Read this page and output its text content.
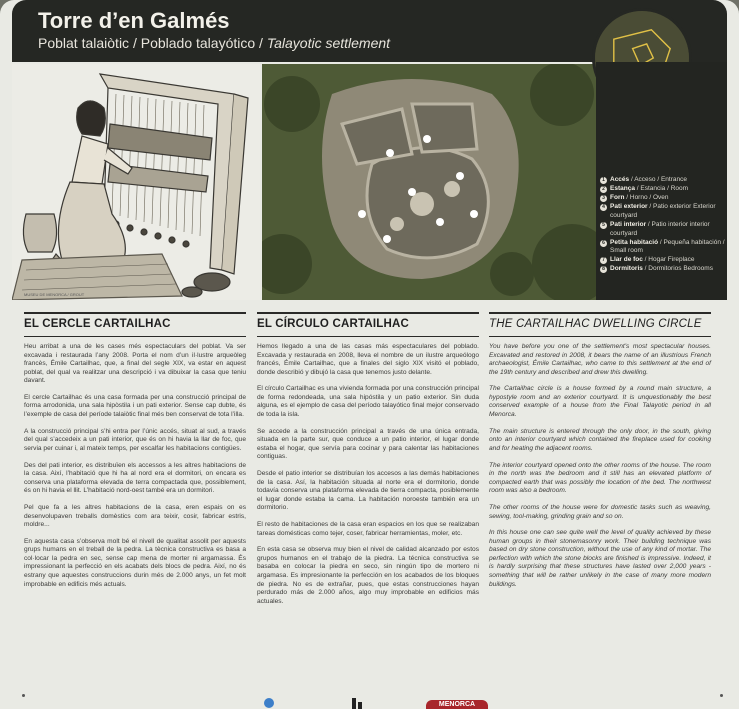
Torre d’en Galmés
Poblat talaiòtic / Poblado talayótico / Talayotic settlement
MUSEU DE MENORCA / GROUT
1 Accés / Acceso / Entrance
2 Estança / Estancia / Room
3 Forn / Horno / Oven
4 Pati exterior / Patio exterior Exterior courtyard
5 Pati interior / Patio interior interior courtyard
6 Petita habitació / Pequeña habitación / Small room
7 Llar de foc / Hogar Fireplace
8 Dormitoris / Dormitorios Bedrooms
EL CERCLE CARTAILHAC

Heu arribat a una de les cases més espectaculars del poblat. Va ser excavada i restaurada l’any 2008. Porta el nom d’un il·lustre arqueòleg francès, Émile Cartailhac, que, a final del segle XIX, va estar en aquest poblat, del qual va realitzar una descripció i va dibuixar la casa que teniu davant.

El cercle Cartailhac és una casa formada per una construcció principal de forma arrodonida, una sala hipòstila i un pati exterior. Sense cap dubte, és l’exemple de casa del període talaiòtic final més ben conservat de tota l’illa.

A la construcció principal s’hi entra per l’únic accés, situat al sud, a través del qual s’accedeix a un pati interior, que és on hi havia la llar de foc, que servia per cuinar i, al mateix temps, per escalfar les habitacions contigües.

Des del pati interior, es distribuïen els accessos a les altres habitacions de la casa. Així, l’habitació que hi ha al nord era el dormitori, on encara es conserva una plataforma elevada de terra compactada que, possiblement, és on hi havia el llit. L’habitació nord-oest també era un dormitori.

Pel que fa a les altres habitacions de la casa, eren espais on es desenvolupaven treballs domèstics com ara teixir, cosir, fabricar estris, moldre...

En aquesta casa s’observa molt bé el nivell de qualitat assolit per aquests grups humans en el treball de la pedra. La tècnica constructiva es basa a col·locar la pedra en sec, sense cap mena de morter ni argamassa. És impressionant la perfecció en els acabats dels blocs de pedra. Així, no és estrany que aquestes construccions durin més de 2.000 anys, un fet molt improbable en edificis més actuals.

EL CÍRCULO CARTAILHAC

Hemos llegado a una de las casas más espectaculares del poblado. Excavada y restaurada en 2008, lleva el nombre de un ilustre arqueólogo francés, Émile Cartailhac, que a finales del siglo XIX visitó el poblado, donde describió y dibujó la casa que tenemos justo delante.

El círculo Cartailhac es una vivienda formada por una construcción principal de forma redondeada, una sala hipóstila y un patio exterior. Sin duda alguna, es el ejemplo de casa del período talayótico final mejor conservado de toda la isla.

Se accede a la construcción principal a través de una única entrada, situada en la parte sur, que conduce a un patio interior, el lugar donde estaba el hogar, que servía para cocinar y para calentar las habitaciones contiguas.

Desde el patio interior se distribuían los accesos a las demás habitaciones de la casa. Así, la habitación situada al norte era el dormitorio, donde todavía conserva una plataforma elevada de tierra compacta, posiblemente el lugar donde estaba la cama. La habitación noroeste también era un dormitorio.

El resto de habitaciones de la casa eran espacios en los que se realizaban tareas domésticas como tejer, coser, fabricar herramientas, moler, etc.

En esta casa se observa muy bien el nivel de calidad alcanzado por estos grupos humanos en el trabajo de la piedra. La técnica constructiva se basaba en colocar la piedra en seco, sin ningún tipo de mortero ni argamasa. Es impresionante la perfección en los acabados de los bloques de piedra. No es de extrañar, pues, que estas construcciones hayan perdurado más de 2.000 años, algo muy improbable en edificios más actuales.

THE CARTAILHAC DWELLING CIRCLE

You have before you one of the settlement’s most spectacular houses. Excavated and restored in 2008, it bears the name of an illustrious French archaeologist, Émile Cartailhac, who came to this settlement at the end of the 19th century and described and drew this dwelling.

The Cartailhac circle is a house formed by a round main structure, a hypostyle room and an exterior courtyard. It is unquestionably the best conserved example of a house from the Final Talayotic period in all Menorca.

The main structure is entered through the only door, in the south, giving onto an interior courtyard which contained the fireplace used for cooking and for heating the adjacent rooms.

The interior courtyard opened onto the other rooms of the house. The room in the north was the bedroom and it still has an elevated platform of compacted earth that was possibly the location of the bed. The northwest room was also a bedroom.

The other rooms of the house were for domestic tasks such as weaving, sewing, tool-making, grinding grain and so on.

In this house one can see quite well the level of quality achieved by these human groups in their stonemasonry work. Their building technique was based on dry stone construction, without the use of any kind of mortar. The perfection with which the stone blocks are finished is impressive. Indeed, it is hardly surprising that these structures have lasted over 2,000 years - something that will be rather unlikely in the case of many more modern buildings.

MENORCA
